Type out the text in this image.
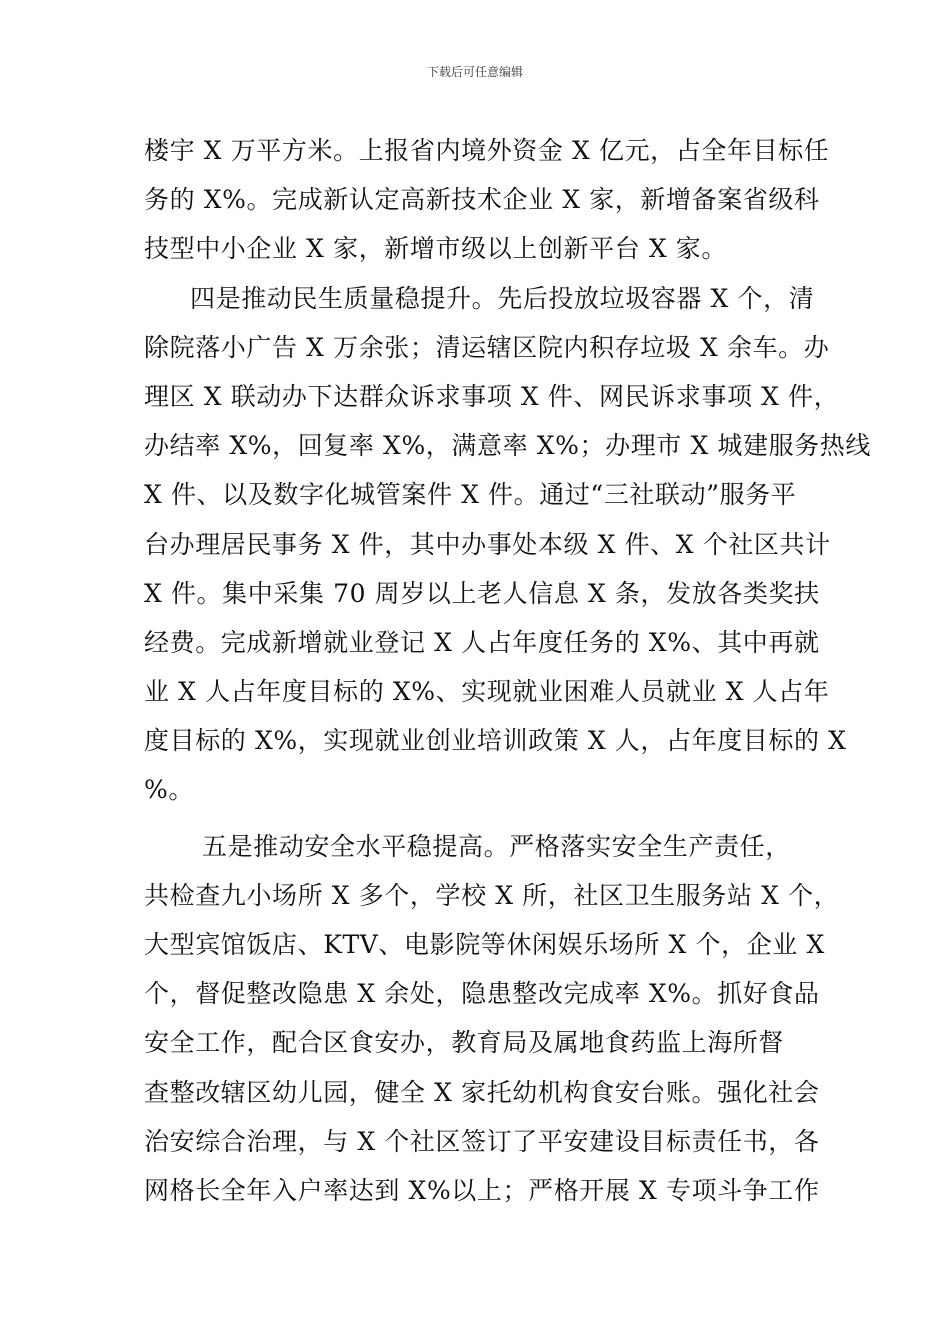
下载后可任意编辑
楼宇 X 万平方米。上报省内境外资金 X 亿元，占全年目标任
务的 X%。完成新认定高新技术企业 X 家，新增备案省级科
技型中小企业 X 家，新增市级以上创新平台 X 家。
四是推动民生质量稳提升。先后投放垃圾容器 X 个，清
除院落小广告 X 万余张；清运辖区院内积存垃圾 X 余车。办
理区 X 联动办下达群众诉求事项 X 件、网民诉求事项 X 件，
办结率 X%，回复率 X%，满意率 X%；办理市 X 城建服务热线
X 件、以及数字化城管案件 X 件。通过“三社联动”服务平
台办理居民事务 X 件，其中办事处本级 X 件、X 个社区共计
X 件。集中采集 70 周岁以上老人信息 X 条，发放各类奖扶
经费。完成新增就业登记 X 人占年度任务的 X%、其中再就
业 X 人占年度目标的 X%、实现就业困难人员就业 X 人占年
度目标的 X%，实现就业创业培训政策 X 人，占年度目标的 X
%。
五是推动安全水平稳提高。严格落实安全生产责任，
共检查九小场所 X 多个，学校 X 所，社区卫生服务站 X 个，
大型宾馆饭店、KTV、电影院等休闲娱乐场所 X 个，企业 X
个，督促整改隐患 X 余处，隐患整改完成率 X%。抓好食品
安全工作，配合区食安办，教育局及属地食药监上海所督
查整改辖区幼儿园，健全 X 家托幼机构食安台账。强化社会
治安综合治理，与 X 个社区签订了平安建设目标责任书，各
网格长全年入户率达到 X%以上；严格开展 X 专项斗争工作
